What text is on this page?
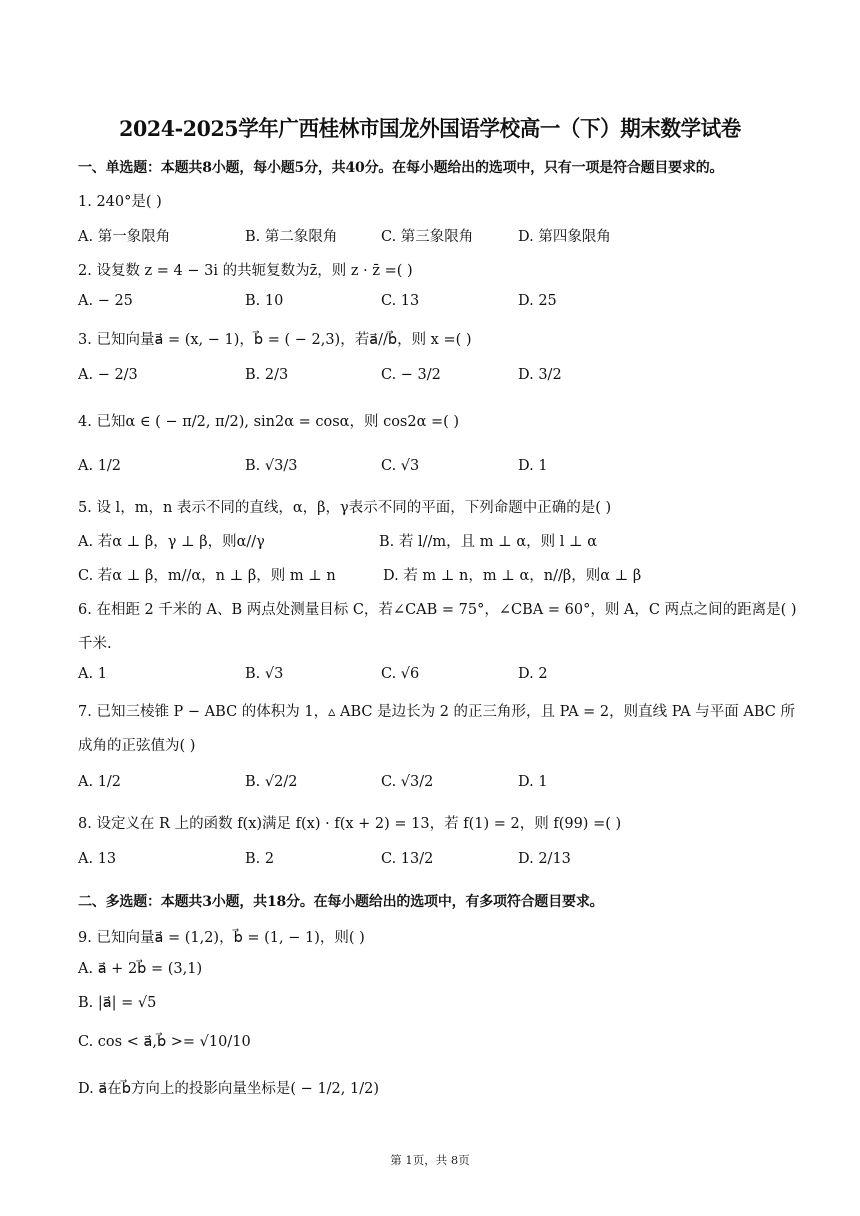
2024-2025学年广西桂林市国龙外国语学校高一（下）期末数学试卷
一、单选题：本题共8小题，每小题5分，共40分。在每小题给出的选项中，只有一项是符合题目要求的。
1. 240°是( )
A. 第一象限角	B. 第二象限角	C. 第三象限角	D. 第四象限角
2. 设复数 z = 4 − 3i 的共轭复数为z̄，则 z · z̄ =( )
A. − 25	B. 10	C. 13	D. 25
3. 已知向量a⃗ = (x, − 1)，b⃗ = ( − 2,3)，若a⃗//b⃗，则 x =( )
A. − 2/3	B. 2/3	C. − 3/2	D. 3/2
4. 已知α ∈ ( − π/2, π/2), sin2α = cosα，则 cos2α =( )
A. 1/2	B. √3/3	C. √3	D. 1
5. 设 l，m，n 表示不同的直线，α，β，γ表示不同的平面，下列命题中正确的是( )
A. 若α ⊥ β，γ ⊥ β，则α//γ	B. 若 l//m，且 m ⊥ α，则 l ⊥ α
C. 若α ⊥ β，m//α，n ⊥ β，则 m ⊥ n	D. 若 m ⊥ n，m ⊥ α，n//β，则α ⊥ β
6. 在相距 2 千米的 A、B 两点处测量目标 C，若∠CAB = 75°，∠CBA = 60°，则 A，C 两点之间的距离是( )
千米.
A. 1	B. √3	C. √6	D. 2
7. 已知三棱锥 P − ABC 的体积为 1，▵ ABC 是边长为 2 的正三角形，且 PA = 2，则直线 PA 与平面 ABC 所
成角的正弦值为( )
A. 1/2	B. √2/2	C. √3/2	D. 1
8. 设定义在 R 上的函数 f(x)满足 f(x) · f(x + 2) = 13，若 f(1) = 2，则 f(99) =( )
A. 13	B. 2	C. 13/2	D. 2/13
二、多选题：本题共3小题，共18分。在每小题给出的选项中，有多项符合题目要求。
9. 已知向量a⃗ = (1,2)，b⃗ = (1, − 1)，则( )
A. a⃗ + 2b⃗ = (3,1)
B. |a⃗| = √5
C. cos < a⃗,b⃗ >= √10/10
D. a⃗在b⃗方向上的投影向量坐标是( − 1/2, 1/2)
第 1页，共 8页
